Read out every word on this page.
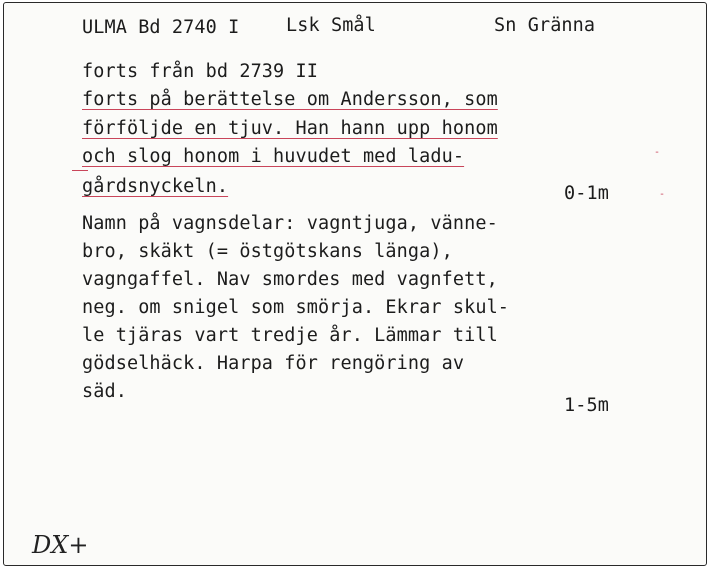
ULMA Bd 2740 I	Lsk Smål	Sn Gränna
forts från bd 2739 II
forts på berättelse om Andersson, som
förföljde en tjuv. Han hann upp honom
och slog honom i huvudet med ladu-
gårdsnyckeln.
-
-
0-1m
Namn på vagnsdelar: vagntjuga, vänne-
bro, skäkt (= östgötskans länga),
vagngaffel. Nav smordes med vagnfett,
neg. om snigel som smörja. Ekrar skul-
le tjäras vart tredje år. Lämmar till
gödselhäck. Harpa för rengöring av
säd.
1-5m
DX+
